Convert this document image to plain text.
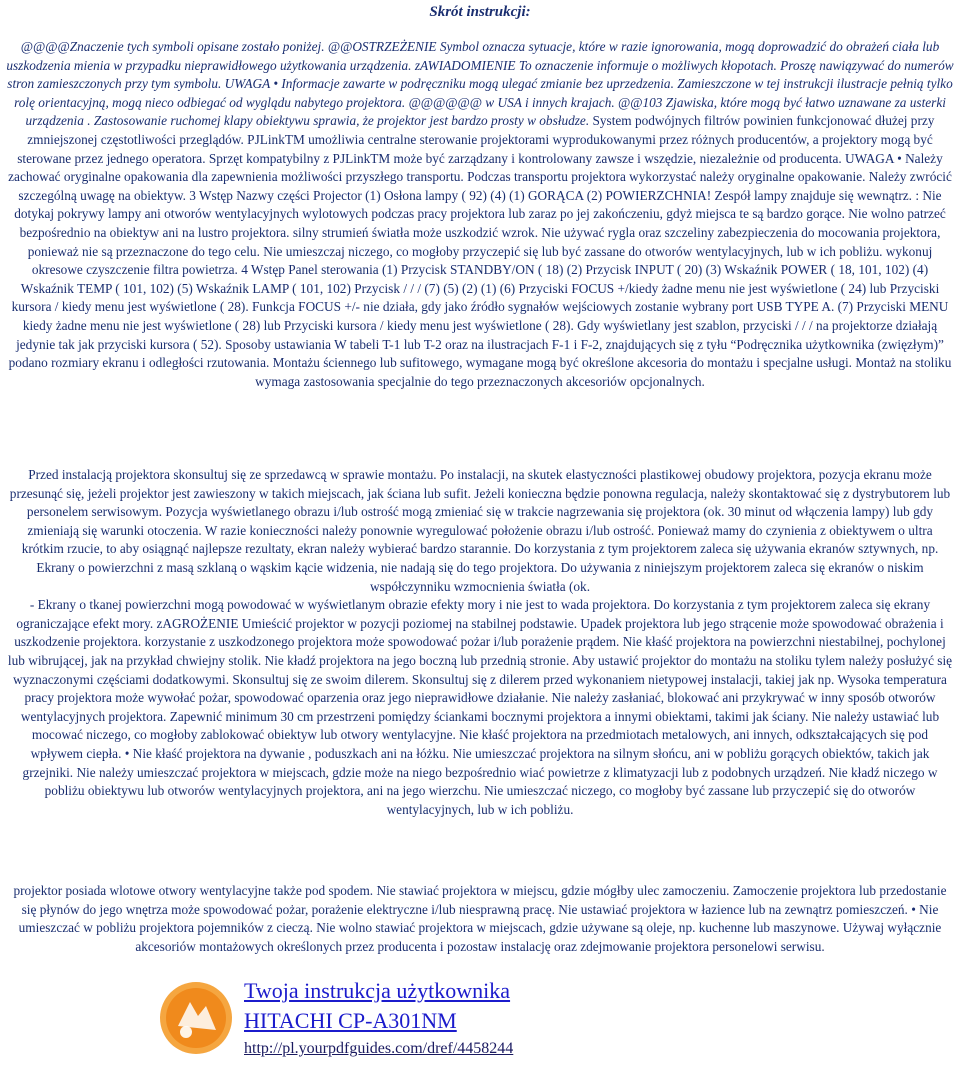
Skrót instrukcji:
@@@@Znaczenie tych symboli opisane zostało poniżej. @@OSTRZEŻENIE Symbol oznacza sytuacje, które w razie ignorowania, mogą doprowadzić do obrażeń ciała lub uszkodzenia mienia w przypadku nieprawidłowego użytkowania urządzenia. zAWIADOMIENIE To oznaczenie informuje o możliwych kłopotach. Proszę nawiązywać do numerów stron zamieszczonych przy tym symbolu. UWAGA • Informacje zawarte w podręczniku mogą ulegać zmianie bez uprzedzenia. Zamieszczone w tej instrukcji ilustracje pełnią tylko rolę orientacyjną, mogą nieco odbiegać od wyglądu nabytego projektora. @@@@@@ w USA i innych krajach. @@103 Zjawiska, które mogą być łatwo uznawane za usterki urządzenia . Zastosowanie ruchomej klapy obiektywu sprawia, że projektor jest bardzo prosty w obsłudze. System podwójnych filtrów powinien funkcjonować dłużej przy zmniejszonej częstotliwości przeglądów. PJLinkTM umożliwia centralne sterowanie projektorami wyprodukowanymi przez różnych producentów, a projektory mogą być sterowane przez jednego operatora. Sprzęt kompatybilny z PJLinkTM może być zarządzany i kontrolowany zawsze i wszędzie, niezależnie od producenta. UWAGA • Należy zachować oryginalne opakowania dla zapewnienia możliwości przyszłego transportu. Podczas transportu projektora wykorzystać należy oryginalne opakowanie. Należy zwrócić szczególną uwagę na obiektyw. 3 Wstęp Nazwy części Projector (1) Osłona lampy ( 92) (4) (1) GORĄCA (2) POWIERZCHNIA! Zespół lampy znajduje się wewnątrz. : Nie dotykaj pokrywy lampy ani otworów wentylacyjnych wylotowych podczas pracy projektora lub zaraz po jej zakończeniu, gdyż miejsca te są bardzo gorące. Nie wolno patrzeć bezpośrednio na obiektyw ani na lustro projektora. silny strumień światła może uszkodzić wzrok. Nie używać rygla oraz szczeliny zabezpieczenia do mocowania projektora, ponieważ nie są przeznaczone do tego celu. Nie umieszczaj niczego, co mogłoby przyczepić się lub być zassane do otworów wentylacyjnych, lub w ich pobliżu. wykonuj okresowe czyszczenie filtra powietrza. 4 Wstęp Panel sterowania (1) Przycisk STANDBY/ON ( 18) (2) Przycisk INPUT ( 20) (3) Wskaźnik POWER ( 18, 101, 102) (4) Wskaźnik TEMP ( 101, 102) (5) Wskaźnik LAMP ( 101, 102) Przycisk / / / (7) (5) (2) (1) (6) Przyciski FOCUS +/kiedy żadne menu nie jest wyświetlone ( 24) lub Przyciski kursora / kiedy menu jest wyświetlone ( 28). Funkcja FOCUS +/- nie działa, gdy jako źródło sygnałów wejściowych zostanie wybrany port USB TYPE A. (7) Przyciski MENU kiedy żadne menu nie jest wyświetlone ( 28) lub Przyciski kursora / kiedy menu jest wyświetlone ( 28). Gdy wyświetlany jest szablon, przyciski / / / na projektorze działają jedynie tak jak przyciski kursora ( 52). Sposoby ustawiania W tabeli T-1 lub T-2 oraz na ilustracjach F-1 i F-2, znajdujących się z tyłu “Podręcznika użytkownika (zwięzłym)” podano rozmiary ekranu i odległości rzutowania. Montażu ściennego lub sufitowego, wymagane mogą być określone akcesoria do montażu i specjalne usługi. Montaż na stoliku wymaga zastosowania specjalnie do tego przeznaczonych akcesoriów opcjonalnych.
Przed instalacją projektora skonsultuj się ze sprzedawcą w sprawie montażu. Po instalacji, na skutek elastyczności plastikowej obudowy projektora, pozycja ekranu może przesunąć się, jeżeli projektor jest zawieszony w takich miejscach, jak ściana lub sufit. Jeżeli konieczna będzie ponowna regulacja, należy skontaktować się z dystrybutorem lub personelem serwisowym. Pozycja wyświetlanego obrazu i/lub ostrość mogą zmieniać się w trakcie nagrzewania się projektora (ok. 30 minut od włączenia lampy) lub gdy zmieniają się warunki otoczenia. W razie konieczności należy ponownie wyregulować położenie obrazu i/lub ostrość. Ponieważ mamy do czynienia z obiektywem o ultra krótkim rzucie, to aby osiągnąć najlepsze rezultaty, ekran należy wybierać bardzo starannie. Do korzystania z tym projektorem zaleca się używania ekranów sztywnych, np. Ekrany o powierzchni z masą szklaną o wąskim kącie widzenia, nie nadają się do tego projektora. Do używania z niniejszym projektorem zaleca się ekranów o niskim współczynniku wzmocnienia światła (ok.
- Ekrany o tkanej powierzchni mogą powodować w wyświetlanym obrazie efekty mory i nie jest to wada projektora. Do korzystania z tym projektorem zaleca się ekrany ograniczające efekt mory. zAGROŻENIE Umieścić projektor w pozycji poziomej na stabilnej podstawie. Upadek projektora lub jego strącenie może spowodować obrażenia i uszkodzenie projektora. korzystanie z uszkodzonego projektora może spowodować pożar i/lub porażenie prądem. Nie kłaść projektora na powierzchni niestabilnej, pochylonej lub wibrującej, jak na przykład chwiejny stolik. Nie kładź projektora na jego boczną lub przednią stronie. Aby ustawić projektor do montażu na stoliku tylem należy posłużyć się wyznaczonymi częściami dodatkowymi. Skonsultuj się ze swoim dilerem. Skonsultuj się z dilerem przed wykonaniem nietypowej instalacji, takiej jak np. Wysoka temperatura pracy projektora może wywołać pożar, spowodować oparzenia oraz jego nieprawidłowe działanie. Nie należy zasłaniać, blokować ani przykrywać w inny sposób otworów wentylacyjnych projektora. Zapewnić minimum 30 cm przestrzeni pomiędzy ściankami bocznymi projektora a innymi obiektami, takimi jak ściany. Nie należy ustawiać lub mocować niczego, co mogłoby zablokować obiektyw lub otwory wentylacyjne. Nie kłaść projektora na przedmiotach metalowych, ani innych, odkształcających się pod wpływem ciepła. • Nie kłaść projektora na dywanie , poduszkach ani na łóżku. Nie umieszczać projektora na silnym słońcu, ani w pobliżu gorących obiektów, takich jak grzejniki. Nie należy umieszczać projektora w miejscach, gdzie może na niego bezpośrednio wiać powietrze z klimatyzacji lub z podobnych urządzeń. Nie kładź niczego w pobliżu obiektywu lub otworów wentylacyjnych projektora, ani na jego wierzchu. Nie umieszczać niczego, co mogłoby być zassane lub przyczepić się do otworów wentylacyjnych, lub w ich pobliżu.
projektor posiada wlotowe otwory wentylacyjne także pod spodem. Nie stawiać projektora w miejscu, gdzie mógłby ulec zamoczeniu. Zamoczenie projektora lub przedostanie się płynów do jego wnętrza może spowodować pożar, porażenie elektryczne i/lub niesprawną pracę. Nie ustawiać projektora w łazience lub na zewnątrz pomieszczeń. • Nie umieszczać w pobliżu projektora pojemników z cieczą. Nie wolno stawiać projektora w miejscach, gdzie używane są oleje, np. kuchenne lub maszynowe. Używaj wyłącznie akcesoriów montażowych określonych przez producenta i pozostaw instalację oraz zdejmowanie projektora personelowi serwisu.
Twoja instrukcja użytkownika
HITACHI CP-A301NM
http://pl.yourpdfguides.com/dref/4458244
